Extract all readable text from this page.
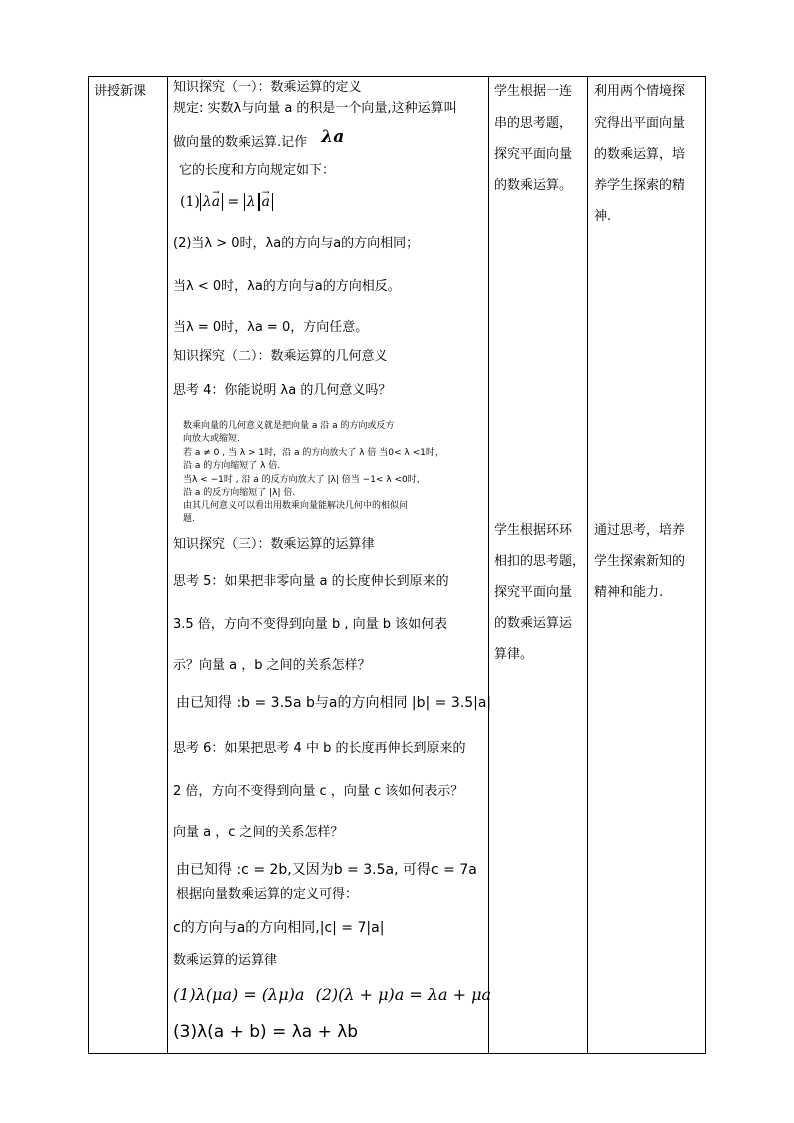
讲授新课 知识探究（一）：数乘运算的定义
规定: 实数λ与向量 a 的积是一个向量,这种运算叫
做向量的数乘运算.记作 λa
它的长度和方向规定如下：
(1) λ→ a = λ→ a
(2)当λ > 0时，λa的方向与a的方向相同；
当λ < 0时，λa的方向与a的方向相反。
当λ = 0时，λa = 0，方向任意。
知识探究（二）：数乘运算的几何意义
思考 4：你能说明 λa 的几何意义吗？
数乘向量的几何意义就是把向量 a 沿 a 的方向或反方
向放大或缩短.
若 a ≠ 0 , 当 λ > 1时，沿 a 的方向放大了 λ 倍 当0< λ <1时，
沿 a 的方向缩短了 λ 倍.
当λ < −1时 , 沿 a 的反方向放大了 |λ| 倍当 −1< λ <0时，
沿 a 的反方向缩短了 |λ| 倍.
由其几何意义可以看出用数乘向量能解决几何中的相似问
题.
知识探究（三）：数乘运算的运算律
思考 5：如果把非零向量 a 的长度伸长到原来的
3.5 倍，方向不变得到向量 b , 向量 b 该如何表
示？向量 a ，b 之间的关系怎样？
由已知得 :b = 3.5a b与a的方向相同 |b| = 3.5|a|
思考 6：如果把思考 4 中 b 的长度再伸长到原来的
2 倍，方向不变得到向量 c ，向量 c 该如何表示？
向量 a ，c 之间的关系怎样？
由已知得 :c = 2b,又因为b = 3.5a, 可得c = 7a
根据向量数乘运算的定义可得：
c的方向与a的方向相同,|c| = 7|a|
数乘运算的运算律
(1)λ(μa) = (λμ)a (2)(λ + μ)a = λa + μa
(3)λ(a + b) = λa + λb
学生根据一连
串的思考题，
探究平面向量
的数乘运算。
利用两个情境探
究得出平面向量
的数乘运算，培
养学生探索的精
神.
学生根据环环
相扣的思考题，
探究平面向量
的数乘运算运
算律。
通过思考，培养
学生探索新知的
精神和能力.
